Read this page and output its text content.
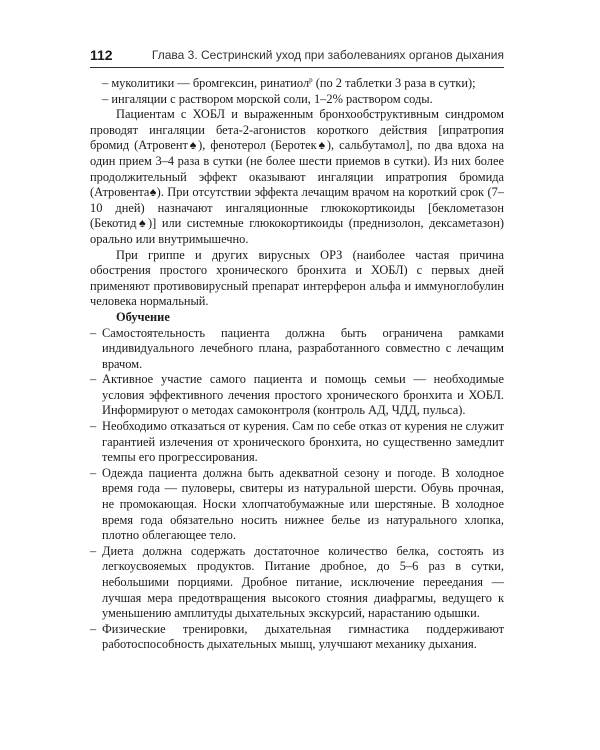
112	Глава 3. Сестринский уход при заболеваниях органов дыхания

– муколитики — бромгексин, ринатиол$^р$ (по 2 таблетки 3 раза в сутки);

– ингаляции с раствором морской соли, 1–2% раствором соды.

Пациентам с ХОБЛ и выраженным бронхообструктивным синдромом проводят ингаляции бета-2-агонистов короткого действия [ипратропия бромид (Атровент♠), фенотерол (Беротек♠), сальбутамол], по два вдоха на один прием 3–4 раза в сутки (не более шести приемов в сутки). Из них более продолжительный эффект оказывают ингаляции ипратропия бромида (Атровента♠). При отсутствии эффекта лечащим врачом на короткий срок (7–10 дней) назначают ингаляционные глюкокортикоиды [беклометазон (Бекотид♠)] или системные глюкокортикоиды (преднизолон, дексаметазон) орально или внутримышечно.

При гриппе и других вирусных ОРЗ (наиболее частая причина обострения простого хронического бронхита и ХОБЛ) с первых дней применяют противовирусный препарат интерферон альфа и иммуноглобулин человека нормальный.

Обучение

– Самостоятельность пациента должна быть ограничена рамками индивидуального лечебного плана, разработанного совместно с лечащим врачом.
– Активное участие самого пациента и помощь семьи — необходимые условия эффективного лечения простого хронического бронхита и ХОБЛ. Информируют о методах самоконтроля (контроль АД, ЧДД, пульса).
– Необходимо отказаться от курения. Сам по себе отказ от курения не служит гарантией излечения от хронического бронхита, но существенно замедлит темпы его прогрессирования.
– Одежда пациента должна быть адекватной сезону и погоде. В холодное время года — пуловеры, свитеры из натуральной шерсти. Обувь прочная, не промокающая. Носки хлопчатобумажные или шерстяные. В холодное время года обязательно носить нижнее белье из натурального хлопка, плотно облегающее тело.
– Диета должна содержать достаточное количество белка, состоять из легкоусвояемых продуктов. Питание дробное, до 5–6 раз в сутки, небольшими порциями. Дробное питание, исключение переедания — лучшая мера предотвращения высокого стояния диафрагмы, ведущего к уменьшению амплитуды дыхательных экскурсий, нарастанию одышки.
– Физические тренировки, дыхательная гимнастика поддерживают работоспособность дыхательных мышц, улучшают механику дыхания.
